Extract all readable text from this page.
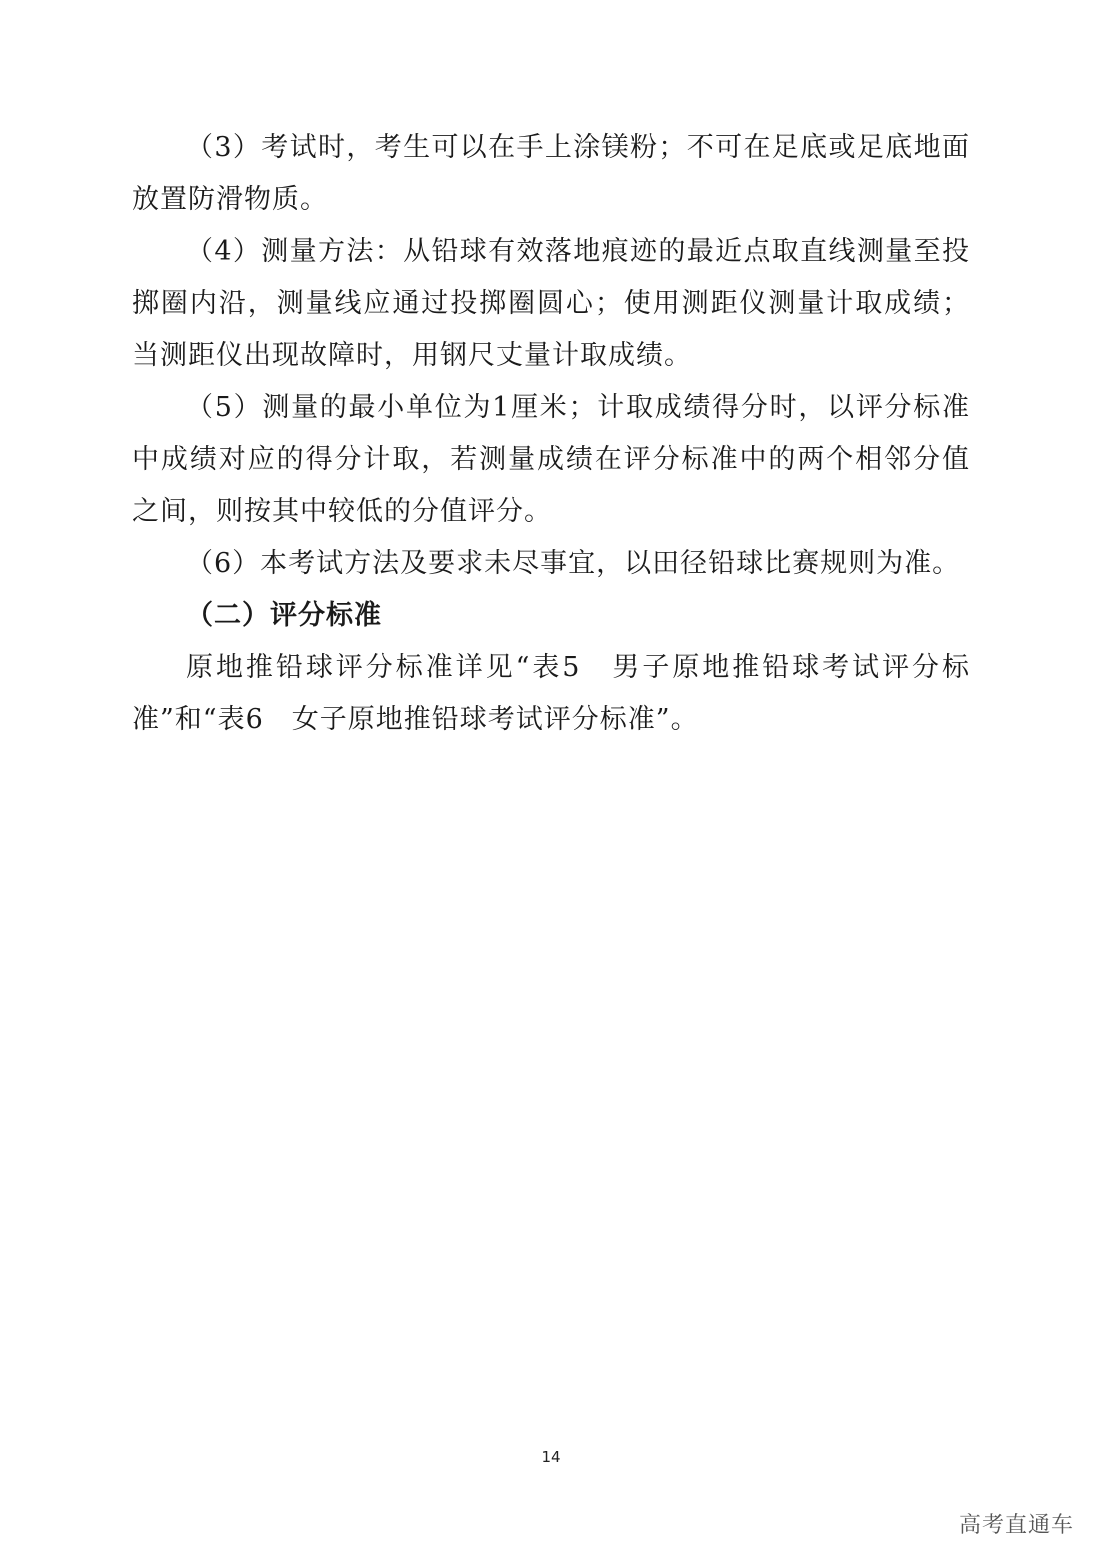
（3）考试时，考生可以在手上涂镁粉；不可在足底或足底地面放置防滑物质。

（4）测量方法：从铅球有效落地痕迹的最近点取直线测量至投掷圈内沿，测量线应通过投掷圈圆心；使用测距仪测量计取成绩；当测距仪出现故障时，用钢尺丈量计取成绩。

（5）测量的最小单位为1厘米；计取成绩得分时，以评分标准中成绩对应的得分计取，若测量成绩在评分标准中的两个相邻分值之间，则按其中较低的分值评分。

（6）本考试方法及要求未尽事宜，以田径铅球比赛规则为准。

（二）评分标准

原地推铅球评分标准详见“表5　男子原地推铅球考试评分标准”和“表6　女子原地推铅球考试评分标准”。

14
高考直通车
